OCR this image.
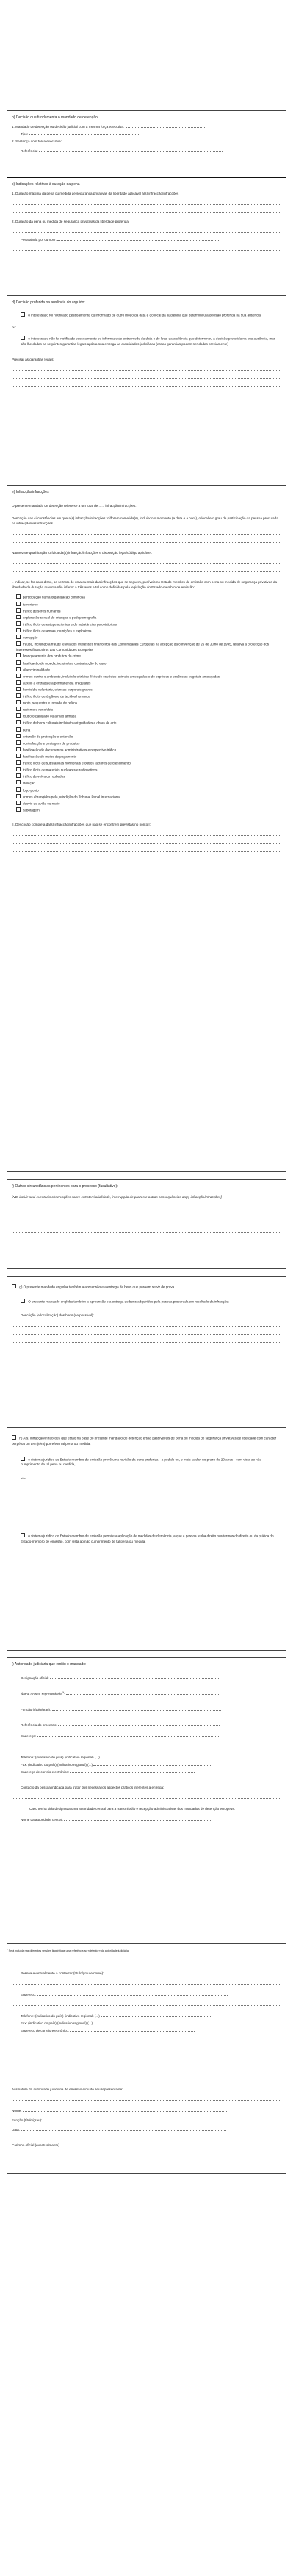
b) Decisão que fundamenta o mandado de detenção
1. Mandado de detenção ou decisão judicial com a mesma força executiva:
Tipo:
2. Sentença com força executiva:
Referência:
c) Indicações relativas à duração da pena
1. Duração máxima da pena ou medida de segurança privativas da liberdade aplicável à(s) infracção/infracções
2. Duração da pena ou medida de segurança privativas da liberdade proferida:
Pena ainda por cumprir:
d) Decisão proferida na ausência do arguido:
o interessado foi notificado pessoalmente ou informado de outro modo da data e do local da audiência que determinou a decisão proferida na sua ausência
ou:
o interessado não foi notificado pessoalmente ou informado de outro modo da data e do local da audiência que determinou a decisão proferida na sua ausência, mas são-lhe dadas as seguintes garantias legais após a sua entrega às autoridades judiciárias (essas garantias podem ser dadas previamente)
Precisar as garantias legais:
e) Infracção/infracções
O presente mandado de detenção refere-se a um total de ...... infracção/infracções.
Descrição das circunstâncias em que a(s) infracção/infracções foi/foram cometida(s), incluindo o momento (a data e a hora), o local e o grau de participação da pessoa procurada na infracção/nas infracções
Natureza e qualificação jurídica da(s) infracção/infracções e disposição legal/código aplicável:
I. Indicar, se for caso disso, se se trata de uma ou mais das infracções que se seguem, puníveis no Estado-membro de emissão com pena ou medida de segurança privativas da liberdade de duração máxima não inferior a três anos e tal como definidas pela legislação do Estado-membro de emissão:
participação numa organização criminosa
terrorismo
tráfico de seres humanos
exploração sexual de crianças e pedopornografia
tráfico ilícito de estupefacientes e de substâncias psicotrópicas
tráfico ilícito de armas, munições e explosivos
corrupção
fraude, incluindo a fraude lesiva dos interesses financeiros das Comunidades Europeias na acepção da convenção de 26 de Julho de 1995, relativa à protecção dos interesses financeiros das Comunidades Europeias
branqueamento dos produtos do crime
falsificação de moeda, incluindo a contrafacção do euro
cibercriminalidade
crimes contra o ambiente, incluindo o tráfico ilícito de espécies animais ameaçadas e de espécies e essências vegetais ameaçadas
auxílio à entrada e à permanência irregulares
homicídio voluntário, ofensas corporais graves
tráfico ilícito de órgãos e de tecidos humanos
rapto, sequestro e tomada de reféns
racismo e xenofobia
roubo organizado ou à mão armada
tráfico de bens culturais incluindo antiguidades e obras de arte
burla
extorsão de protecção e extorsão
contrafacção e piratagem de produtos
falsificação de documentos administrativos e respectivo tráfico
falsificação de meios de pagamento
tráfico ilícito de substâncias hormonais e outros factores de crescimento
tráfico ilícito de materiais nucleares e radioactivos
tráfico de veículos roubados
violação
fogo-posto
crimes abrangidos pela jurisdição do Tribunal Penal Internacional
desvio de avião ou navio
sabotagem
II. Descrição completa da(s) infracção/infracções que não se encontrem previstas no ponto I:
f) Outras circunstâncias pertinentes para o processo (facultativo):
[NB: incluir aqui eventuais observações sobre extraterritorialidade, interrupção de prazos e outras consequências da(s) infracção/infracções]
g) O presente mandado engloba também a apreensão e a entrega de bens que possam servir de prova.
O presente mandado engloba também a apreensão e a entrega de bens adquiridos pela pessoa procurada em resultado da infracção:
Descrição (e localização) dos bens (se possível):
h) A(s) infracção/infracções que estão na base do presente mandado de detenção é/são passível/eis de pena ou medida de segurança privativas de liberdade com carácter perpétuo ou tem (têm) por efeito tal pena ou medida:
o sistema jurídico do Estado-membro de emissão prevê uma revisão da pena proferida - a pedido ou, o mais tardar, no prazo de 20 anos - com vista ao não cumprimento de tal pena ou medida,
e/ou
o sistema jurídico do Estado-membro de emissão permite a aplicação de medidas de clemência, a que a pessoa tenha direito nos termos do direito ou da prática do Estado-membro de emissão, com vista ao não cumprimento de tal pena ou medida.
i) Autoridade judiciária que emitiu o mandado:
Designação oficial:
Nome do seu representante$^1$:
Função (título/grau):
Referência do processo:
Endereço:
Telefone: (indicativo do país) (indicativo regional) (...)
Fax: (indicativo do país) (indicativo regional) (...)
Endereço de correio electrónico:
Contacto da pessoa indicada para tratar dos necessários aspectos práticos inerentes à entrega:
Caso tenha sido designada uma autoridade central para a transmissão e recepção administrativas dos mandados de detenção europeus:
Nome da autoridade central:
$^1$ Será incluída nas diferentes versões linguísticas uma referência ao «detentor» da autoridade judiciária.
Pessoa eventualmente a contactar (título/grau e nome):
Endereço:
Telefone: (indicativo do país) (indicativo regional) (...)
Fax: (indicativo do país) (indicativo regional) (...)
Endereço de correio electrónico:
Assinatura da autoridade judiciária de emissão e/ou do seu representante:
Nome:
Função (título/grau):
Data:
Carimbo oficial (eventualmente)
